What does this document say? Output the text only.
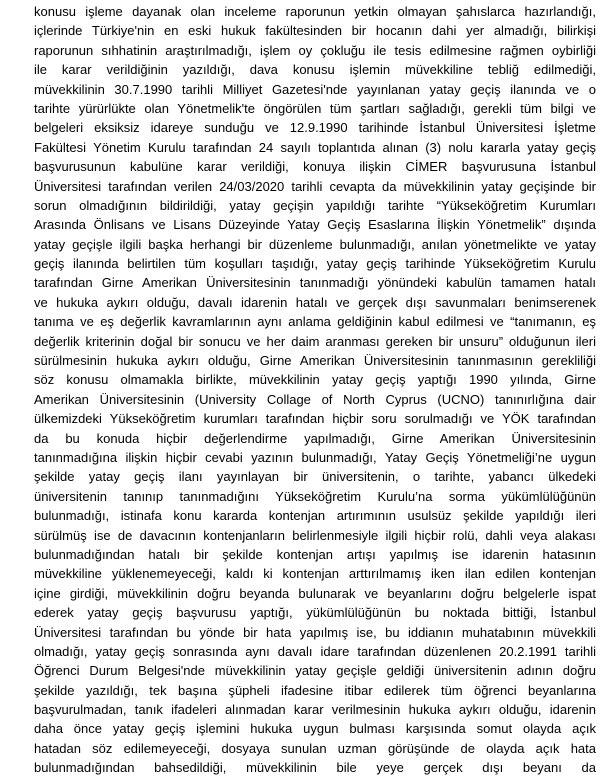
konusu işleme dayanak olan inceleme raporunun yetkin olmayan şahıslarca hazırlandığı,
içlerinde Türkiye'nin en eski hukuk fakültesinden bir hocanın dahi yer almadığı, bilirkişi
raporunun sıhhatinin araştırılmadığı, işlem oy çokluğu ile tesis edilmesine rağmen oybirliği
ile karar verildiğinin yazıldığı, dava konusu işlemin müvekkiline tebliğ edilmediği,
müvekkilinin 30.7.1990 tarihli Milliyet Gazetesi'nde yayınlanan yatay geçiş ilanında ve o
tarihte yürürlükte olan Yönetmelik'te öngörülen tüm şartları sağladığı, gerekli tüm bilgi ve
belgeleri eksiksiz idareye sunduğu ve 12.9.1990 tarihinde İstanbul Üniversitesi İşletme
Fakültesi Yönetim Kurulu tarafından 24 sayılı toplantıda alınan (3) nolu kararla yatay geçiş
başvurusunun kabulüne karar verildiği, konuya ilişkin CİMER başvurusuna İstanbul
Üniversitesi tarafından verilen 24/03/2020 tarihli cevapta da müvekkilinin yatay geçişinde bir
sorun olmadığının bildirildiği, yatay geçişin yapıldığı tarihte “Yükseköğretim Kurumları
Arasında Önlisans ve Lisans Düzeyinde Yatay Geçiş Esaslarına İlişkin Yönetmelik” dışında
yatay geçişle ilgili başka herhangi bir düzenleme bulunmadığı, anılan yönetmelikte ve yatay
geçiş ilanında belirtilen tüm koşulları taşıdığı, yatay geçiş tarihinde Yükseköğretim Kurulu
tarafından Girne Amerikan Üniversitesinin tanınmadığı yönündeki kabulün tamamen hatalı
ve hukuka aykırı olduğu, davalı idarenin hatalı ve gerçek dışı savunmaları benimserenek
tanıma ve eş değerlik kavramlarının aynı anlama geldiğinin kabul edilmesi ve “tanımanın, eş
değerlik kriterinin doğal bir sonucu ve her daim aranması gereken bir unsuru” olduğunun ileri
sürülmesinin hukuka aykırı olduğu, Girne Amerikan Üniversitesinin tanınmasının gerekliliği
söz konusu olmamakla birlikte, müvekkilinin yatay geçiş yaptığı 1990 yılında, Girne
Amerikan Üniversitesinin (University Collage of North Cyprus (UCNO) tanınırlığına dair
ülkemizdeki Yükseköğretim kurumları tarafından hiçbir soru sorulmadığı ve YÖK tarafından
da bu konuda hiçbir değerlendirme yapılmadığı, Girne Amerikan Üniversitesinin
tanınmadığına ilişkin hiçbir cevabi yazının bulunmadığı, Yatay Geçiş Yönetmeliği’ne uygun
şekilde yatay geçiş ilanı yayınlayan bir üniversitenin, o tarihte, yabancı ülkedeki
üniversitenin tanınıp tanınmadığını Yükseköğretim Kurulu’na sorma yükümlülüğünün
bulunmadığı, istinafa konu kararda kontenjan artırımının usulsüz şekilde yapıldığı ileri
sürülmüş ise de davacının kontenjanların belirlenmesiyle ilgili hiçbir rolü, dahli veya alakası
bulunmadığından hatalı bir şekilde kontenjan artışı yapılmış ise idarenin hatasının
müvekkiline yüklenemeyeceği, kaldı ki kontenjan arttırılmamış iken ilan edilen kontenjan
içine girdiği, müvekkilinin doğru beyanda bulunarak ve beyanlarını doğru belgelerle ispat
ederek yatay geçiş başvurusu yaptığı, yükümlülüğünün bu noktada bittiği, İstanbul
Üniversitesi tarafından bu yönde bir hata yapılmış ise, bu iddianın muhatabının müvekkili
olmadığı, yatay geçiş sonrasında aynı davalı idare tarafından düzenlenen 20.2.1991 tarihli
Öğrenci Durum Belgesi'nde müvekkilinin yatay geçişle geldiği üniversitenin adının doğru
şekilde yazıldığı, tek başına şüpheli ifadesine itibar edilerek tüm öğrenci beyanlarına
başvurulmadan, tanık ifadeleri alınmadan karar verilmesinin hukuka aykırı olduğu, idarenin
daha önce yatay geçiş işlemini hukuka uygun bulması karşısında somut olayda açık
hatadan söz edilemeyeceği, dosyaya sunulan uzman görüşünde de olayda açık hata
bulunmadığından bahsedildiği, müvekkilinin bile yeye gerçek dışı beyanı da
